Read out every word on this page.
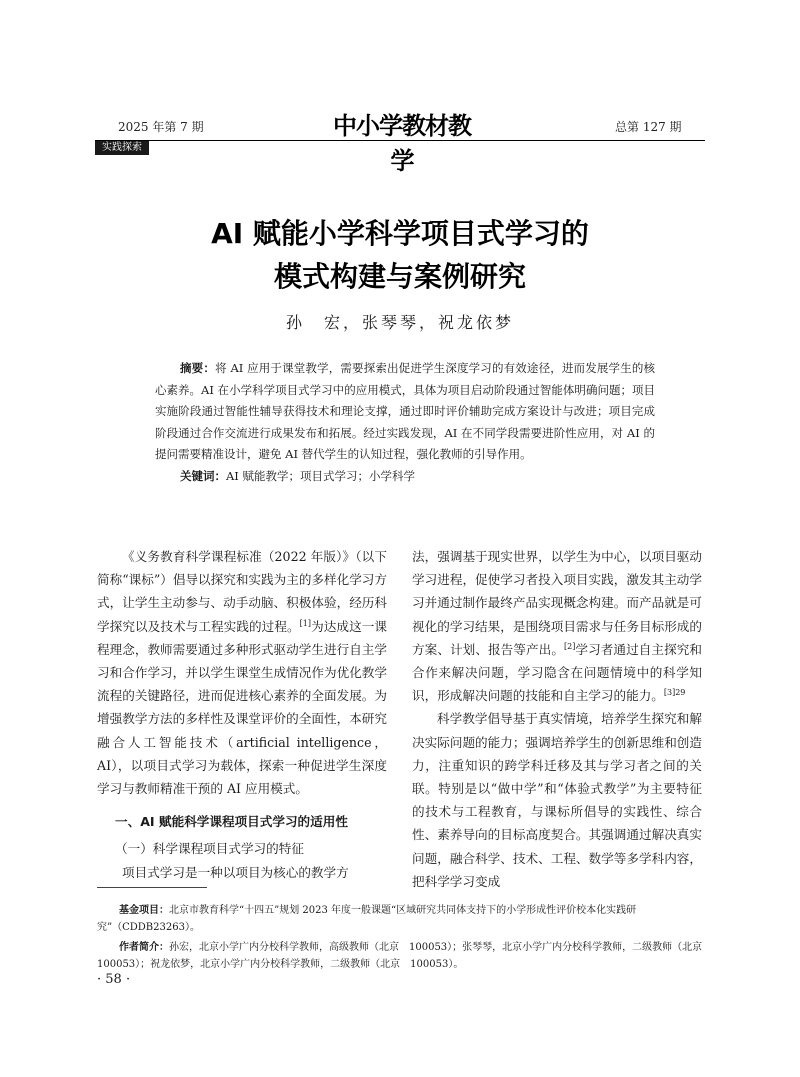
2025 年第 7 期	中小学教材教学
总第 127 期
实践探索
AI 赋能小学科学项目式学习的
模式构建与案例研究
孙　宏，张琴琴，祝龙依梦

摘要：将 AI 应用于课堂教学，需要探索出促进学生深度学习的有效途径，进而发展学生的核心素养。AI 在小学科学项目式学习中的应用模式，具体为项目启动阶段通过智能体明确问题；项目实施阶段通过智能性辅导获得技术和理论支撑，通过即时评价辅助完成方案设计与改进；项目完成阶段通过合作交流进行成果发布和拓展。经过实践发现，AI 在不同学段需要进阶性应用，对 AI 的提问需要精准设计，避免 AI 替代学生的认知过程，强化教师的引导作用。

关键词：AI 赋能教学；项目式学习；小学科学

《义务教育科学课程标准（2022 年版）》（以下简称“课标”）倡导以探究和实践为主的多样化学习方式，让学生主动参与、动手动脑、积极体验，经历科学探究以及技术与工程实践的过程。[1]为达成这一课程理念，教师需要通过多种形式驱动学生进行自主学习和合作学习，并以学生课堂生成情况作为优化教学流程的关键路径，进而促进核心素养的全面发展。为增强教学方法的多样性及课堂评价的全面性，本研究融合人工智能技术（artificial intelligence，AI），以项目式学习为载体，探索一种促进学生深度学习与教师精准干预的 AI 应用模式。

一、AI 赋能科学课程项目式学习的适用性
（一）科学课程项目式学习的特征

项目式学习是一种以项目为核心的教学方

法，强调基于现实世界，以学生为中心，以项目驱动学习进程，促使学习者投入项目实践，激发其主动学习并通过制作最终产品实现概念构建。而产品就是可视化的学习结果，是围绕项目需求与任务目标形成的方案、计划、报告等产出。[2]学习者通过自主探究和合作来解决问题，学习隐含在问题情境中的科学知识，形成解决问题的技能和自主学习的能力。$^{[3]29}$

科学教学倡导基于真实情境，培养学生探究和解决实际问题的能力；强调培养学生的创新思维和创造力，注重知识的跨学科迁移及其与学习者之间的关联。特别是以“做中学”和“体验式教学”为主要特征的技术与工程教育，与课标所倡导的实践性、综合性、素养导向的目标高度契合。其强调通过解决真实问题，融合科学、技术、工程、数学等多学科内容，把科学学习变成

基金项目：北京市教育科学“十四五”规划 2023 年度一般课题“区域研究共同体支持下的小学形成性评价校本化实践研究”（CDDB23263）。

作者简介：孙宏，北京小学广内分校科学教师，高级教师（北京　100053）；张琴琴，北京小学广内分校科学教师，二级教师（北京　100053）；祝龙依梦，北京小学广内分校科学教师，二级教师（北京　100053）。

· 58 ·
